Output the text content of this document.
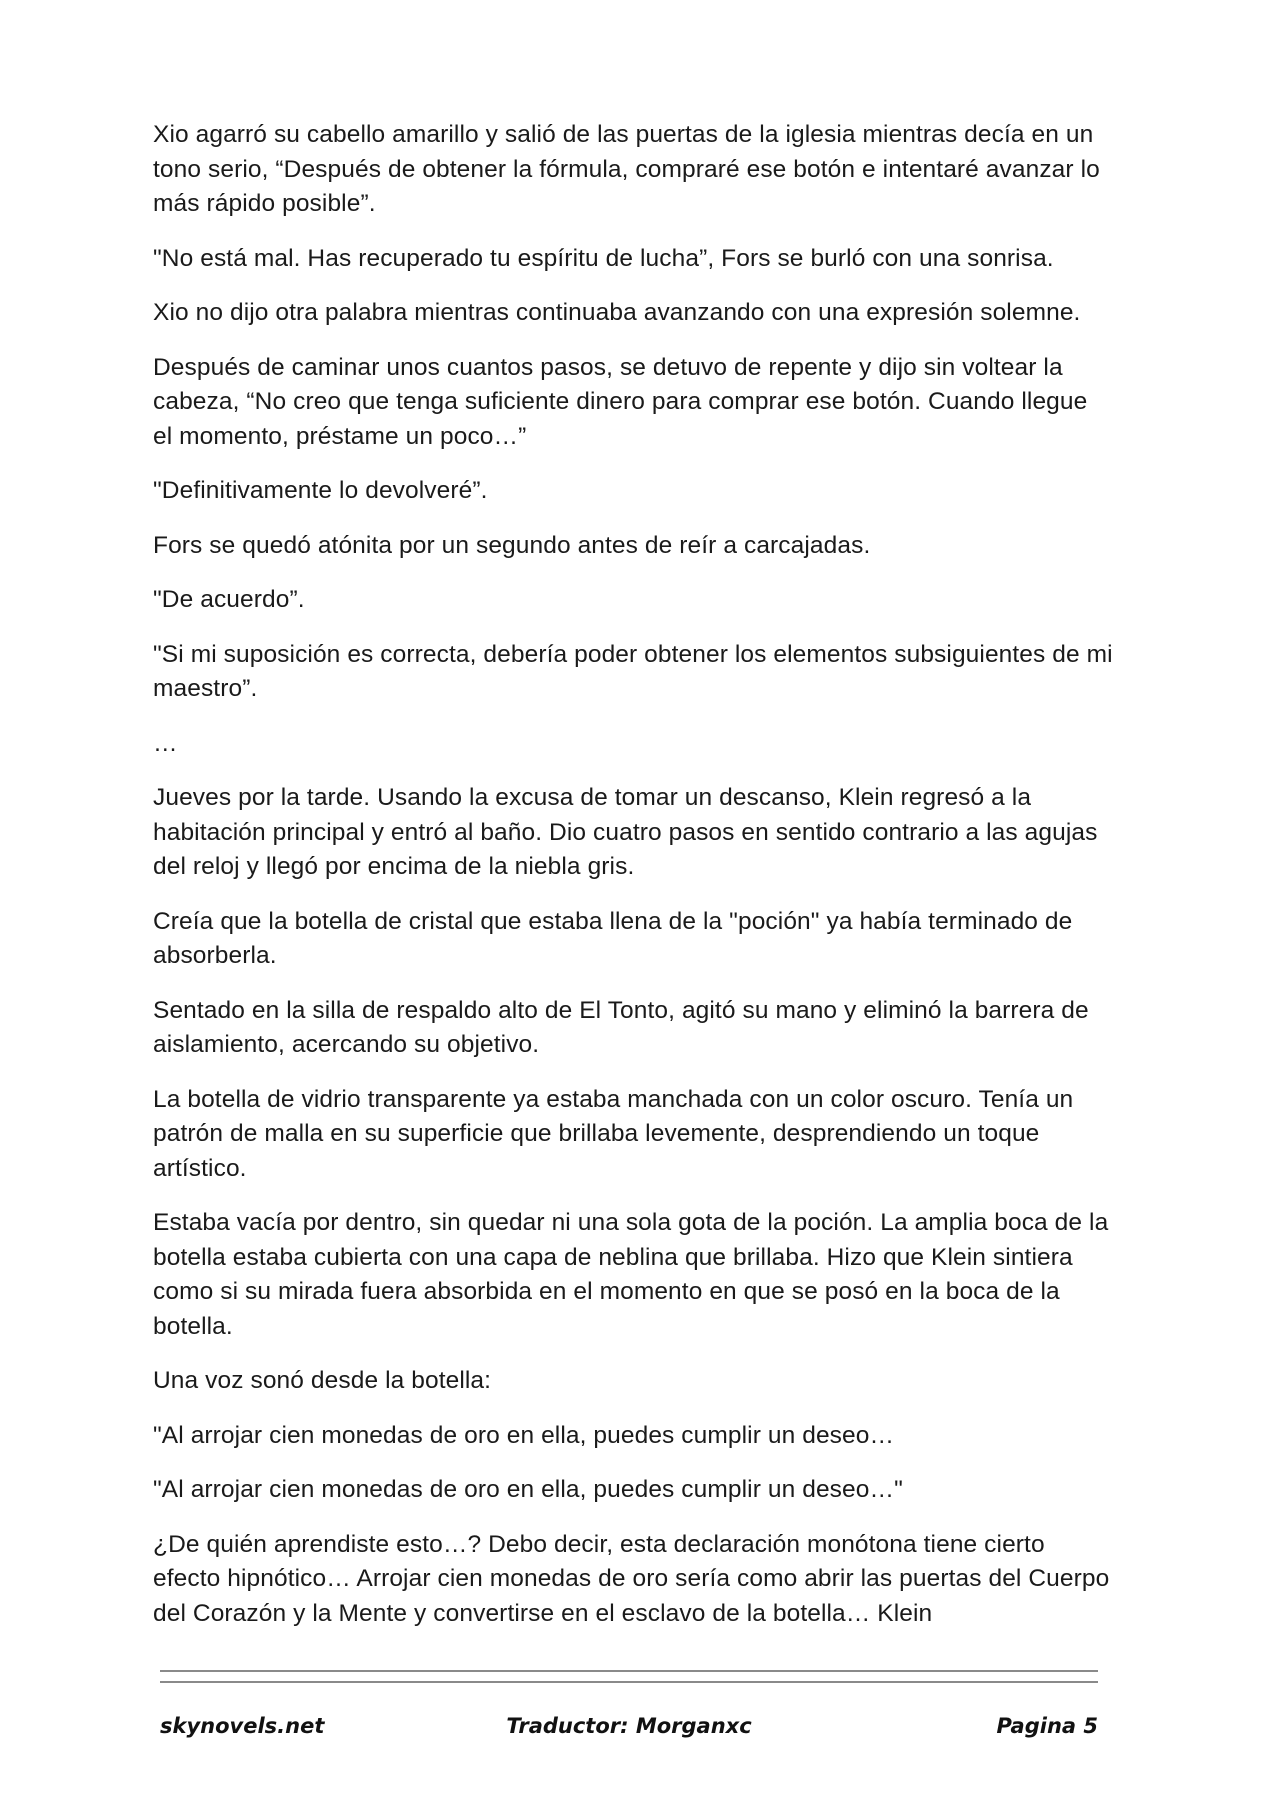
Xio agarró su cabello amarillo y salió de las puertas de la iglesia mientras decía en un tono serio, “Después de obtener la fórmula, compraré ese botón e intentaré avanzar lo más rápido posible”.

"No está mal. Has recuperado tu espíritu de lucha”, Fors se burló con una sonrisa.

Xio no dijo otra palabra mientras continuaba avanzando con una expresión solemne.

Después de caminar unos cuantos pasos, se detuvo de repente y dijo sin voltear la cabeza, “No creo que tenga suficiente dinero para comprar ese botón. Cuando llegue el momento, préstame un poco…”

"Definitivamente lo devolveré”.

Fors se quedó atónita por un segundo antes de reír a carcajadas.

"De acuerdo”.

"Si mi suposición es correcta, debería poder obtener los elementos subsiguientes de mi maestro”.

…

Jueves por la tarde. Usando la excusa de tomar un descanso, Klein regresó a la habitación principal y entró al baño. Dio cuatro pasos en sentido contrario a las agujas del reloj y llegó por encima de la niebla gris.

Creía que la botella de cristal que estaba llena de la "poción" ya había terminado de absorberla.

Sentado en la silla de respaldo alto de El Tonto, agitó su mano y eliminó la barrera de aislamiento, acercando su objetivo.

La botella de vidrio transparente ya estaba manchada con un color oscuro. Tenía un patrón de malla en su superficie que brillaba levemente, desprendiendo un toque artístico.

Estaba vacía por dentro, sin quedar ni una sola gota de la poción. La amplia boca de la botella estaba cubierta con una capa de neblina que brillaba. Hizo que Klein sintiera como si su mirada fuera absorbida en el momento en que se posó en la boca de la botella.

Una voz sonó desde la botella:

"Al arrojar cien monedas de oro en ella, puedes cumplir un deseo…

"Al arrojar cien monedas de oro en ella, puedes cumplir un deseo…"

¿De quién aprendiste esto…? Debo decir, esta declaración monótona tiene cierto efecto hipnótico… Arrojar cien monedas de oro sería como abrir las puertas del Cuerpo del Corazón y la Mente y convertirse en el esclavo de la botella… Klein

skynovels.net	Traductor: Morganxc	Pagina 5
